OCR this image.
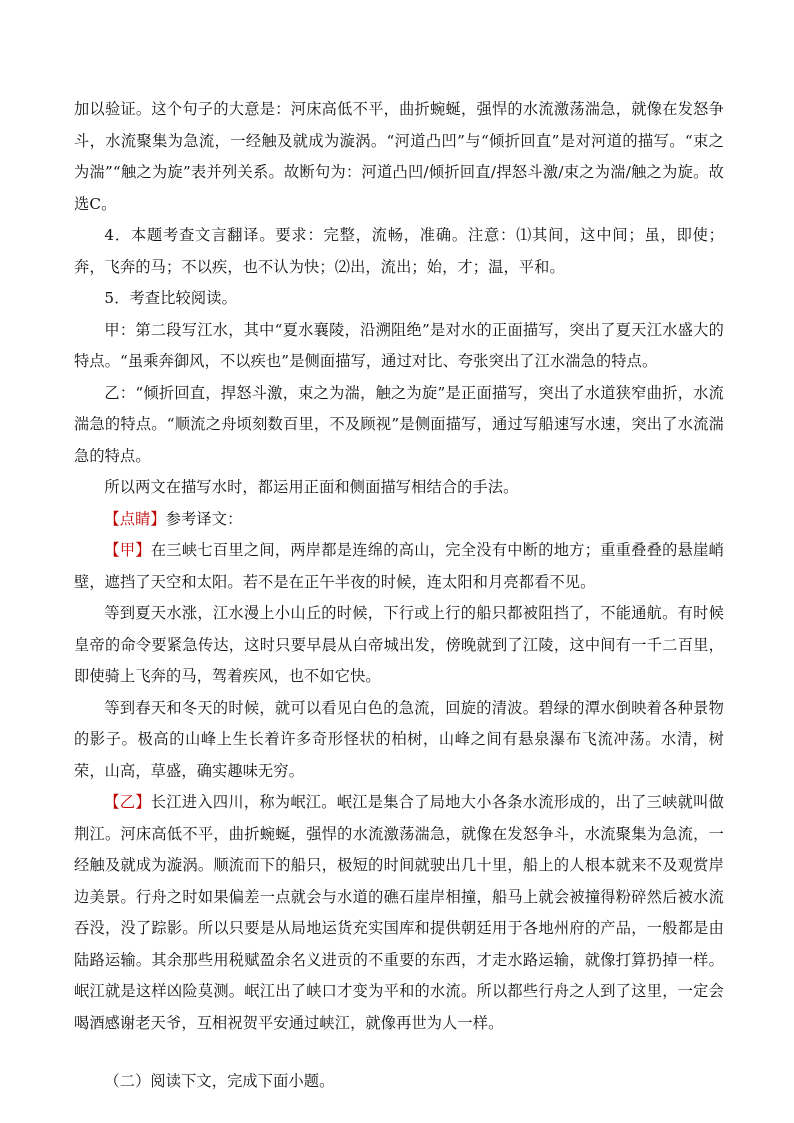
加以验证。这个句子的大意是：河床高低不平，曲折蜿蜒，强悍的水流激荡湍急，就像在发怒争斗，水流聚集为急流，一经触及就成为漩涡。“河道凸凹”与“倾折回直”是对河道的描写。“束之为湍”“触之为旋”表并列关系。故断句为：河道凸凹/倾折回直/捍怒斗激/束之为湍/触之为旋。故选C。

4．本题考查文言翻译。要求：完整，流畅，准确。注意：⑴其间，这中间；虽，即使；奔，飞奔的马；不以疾，也不认为快；⑵出，流出；始，才；温，平和。

5．考查比较阅读。

甲：第二段写江水，其中“夏水襄陵，沿溯阻绝”是对水的正面描写，突出了夏天江水盛大的特点。“虽乘奔御风，不以疾也”是侧面描写，通过对比、夸张突出了江水湍急的特点。

乙：“倾折回直，捍怒斗激，束之为湍，触之为旋”是正面描写，突出了水道狭窄曲折，水流湍急的特点。“顺流之舟顷刻数百里，不及顾视”是侧面描写，通过写船速写水速，突出了水流湍急的特点。

所以两文在描写水时，都运用正面和侧面描写相结合的手法。

【点睛】参考译文：

【甲】在三峡七百里之间，两岸都是连绵的高山，完全没有中断的地方；重重叠叠的悬崖峭壁，遮挡了天空和太阳。若不是在正午半夜的时候，连太阳和月亮都看不见。

等到夏天水涨，江水漫上小山丘的时候，下行或上行的船只都被阻挡了，不能通航。有时候皇帝的命令要紧急传达，这时只要早晨从白帝城出发，傍晚就到了江陵，这中间有一千二百里，即使骑上飞奔的马，驾着疾风，也不如它快。

等到春天和冬天的时候，就可以看见白色的急流，回旋的清波。碧绿的潭水倒映着各种景物的影子。极高的山峰上生长着许多奇形怪状的柏树，山峰之间有悬泉瀑布飞流冲荡。水清，树荣，山高，草盛，确实趣味无穷。

【乙】长江进入四川，称为岷江。岷江是集合了局地大小各条水流形成的，出了三峡就叫做荆江。河床高低不平，曲折蜿蜒，强悍的水流激荡湍急，就像在发怒争斗，水流聚集为急流，一经触及就成为漩涡。顺流而下的船只，极短的时间就驶出几十里，船上的人根本就来不及观赏岸边美景。行舟之时如果偏差一点就会与水道的礁石崖岸相撞，船马上就会被撞得粉碎然后被水流吞没，没了踪影。所以只要是从局地运货充实国库和提供朝廷用于各地州府的产品，一般都是由陆路运输。其余那些用税赋盈余名义进贡的不重要的东西，才走水路运输，就像打算扔掉一样。岷江就是这样凶险莫测。岷江出了峡口才变为平和的水流。所以都些行舟之人到了这里，一定会喝酒感谢老天爷，互相祝贺平安通过峡江，就像再世为人一样。

（二）阅读下文，完成下面小题。
